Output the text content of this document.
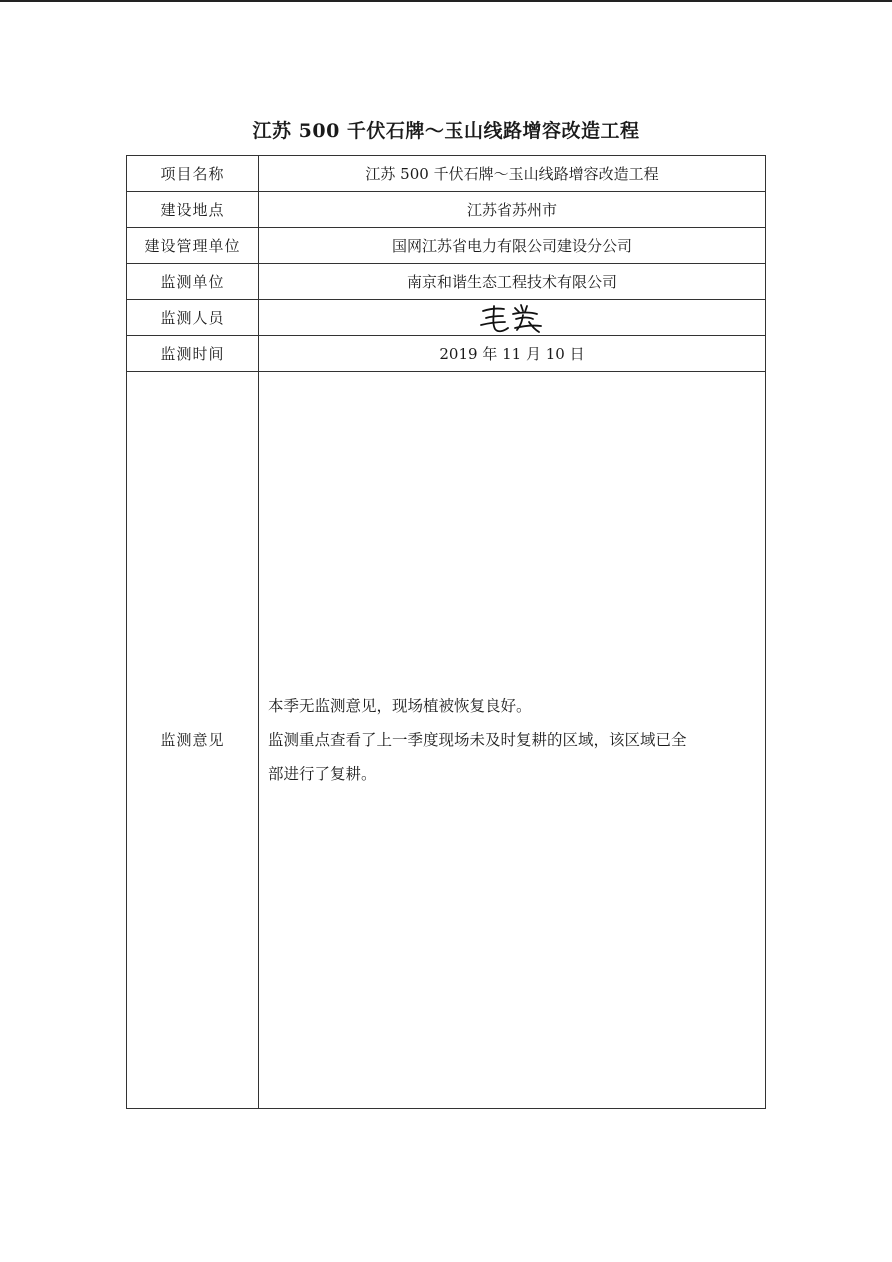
江苏 500 千伏石牌～玉山线路增容改造工程
项目名称	江苏 500 千伏石牌～玉山线路增容改造工程
建设地点	江苏省苏州市
建设管理单位	国网江苏省电力有限公司建设分公司
监测单位	南京和谐生态工程技术有限公司
监测人员	
监测时间	2019 年 11 月 10 日
监测意见	本季无监测意见，现场植被恢复良好。
监测重点查看了上一季度现场未及时复耕的区域，该区域已全
部进行了复耕。
